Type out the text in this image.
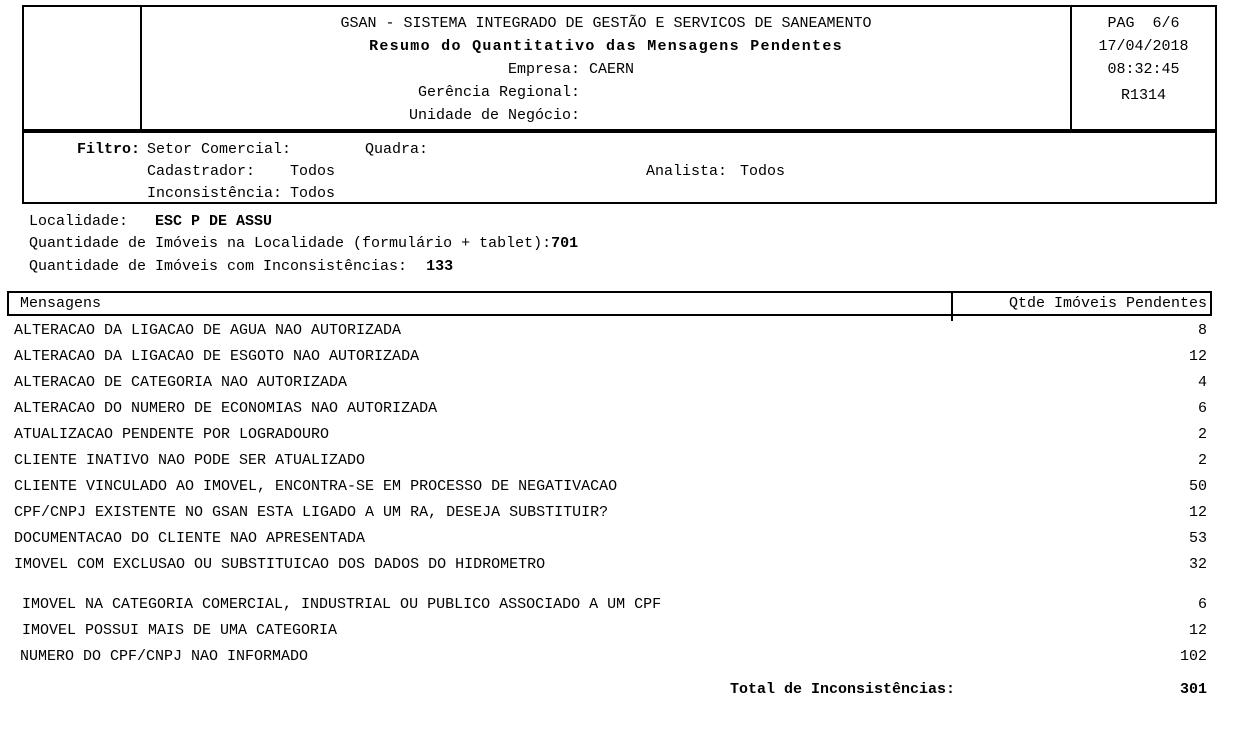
GSAN - SISTEMA INTEGRADO DE GESTÃO E SERVICOS DE SANEAMENTO
Resumo do Quantitativo das Mensagens Pendentes
Empresa: CAERN
Gerência Regional:
Unidade de Negócio:
PAG  6/6
17/04/2018
08:32:45
R1314
Filtro: Setor Comercial:	Quadra:
Cadastrador: Todos	Analista: Todos
Inconsistência: Todos
Localidade: ESC P DE ASSU
Quantidade de Imóveis na Localidade (formulário + tablet):701
Quantidade de Imóveis com Inconsistências: 133
Mensagens	Qtde Imóveis Pendentes
ALTERACAO DA LIGACAO DE AGUA NAO AUTORIZADA	8
ALTERACAO DA LIGACAO DE ESGOTO NAO AUTORIZADA	12
ALTERACAO DE CATEGORIA NAO AUTORIZADA	4
ALTERACAO DO NUMERO DE ECONOMIAS NAO AUTORIZADA	6
ATUALIZACAO PENDENTE POR LOGRADOURO	2
CLIENTE INATIVO NAO PODE SER ATUALIZADO	2
CLIENTE VINCULADO AO IMOVEL, ENCONTRA-SE EM PROCESSO DE NEGATIVACAO	50
CPF/CNPJ EXISTENTE NO GSAN ESTA LIGADO A UM RA, DESEJA SUBSTITUIR?	12
DOCUMENTACAO DO CLIENTE NAO APRESENTADA	53
IMOVEL COM EXCLUSAO OU SUBSTITUICAO DOS DADOS DO HIDROMETRO	32
IMOVEL NA CATEGORIA COMERCIAL, INDUSTRIAL OU PUBLICO ASSOCIADO A UM CPF	6
IMOVEL POSSUI MAIS DE UMA CATEGORIA	12
NUMERO DO CPF/CNPJ NAO INFORMADO	102
Total de Inconsistências:	301
